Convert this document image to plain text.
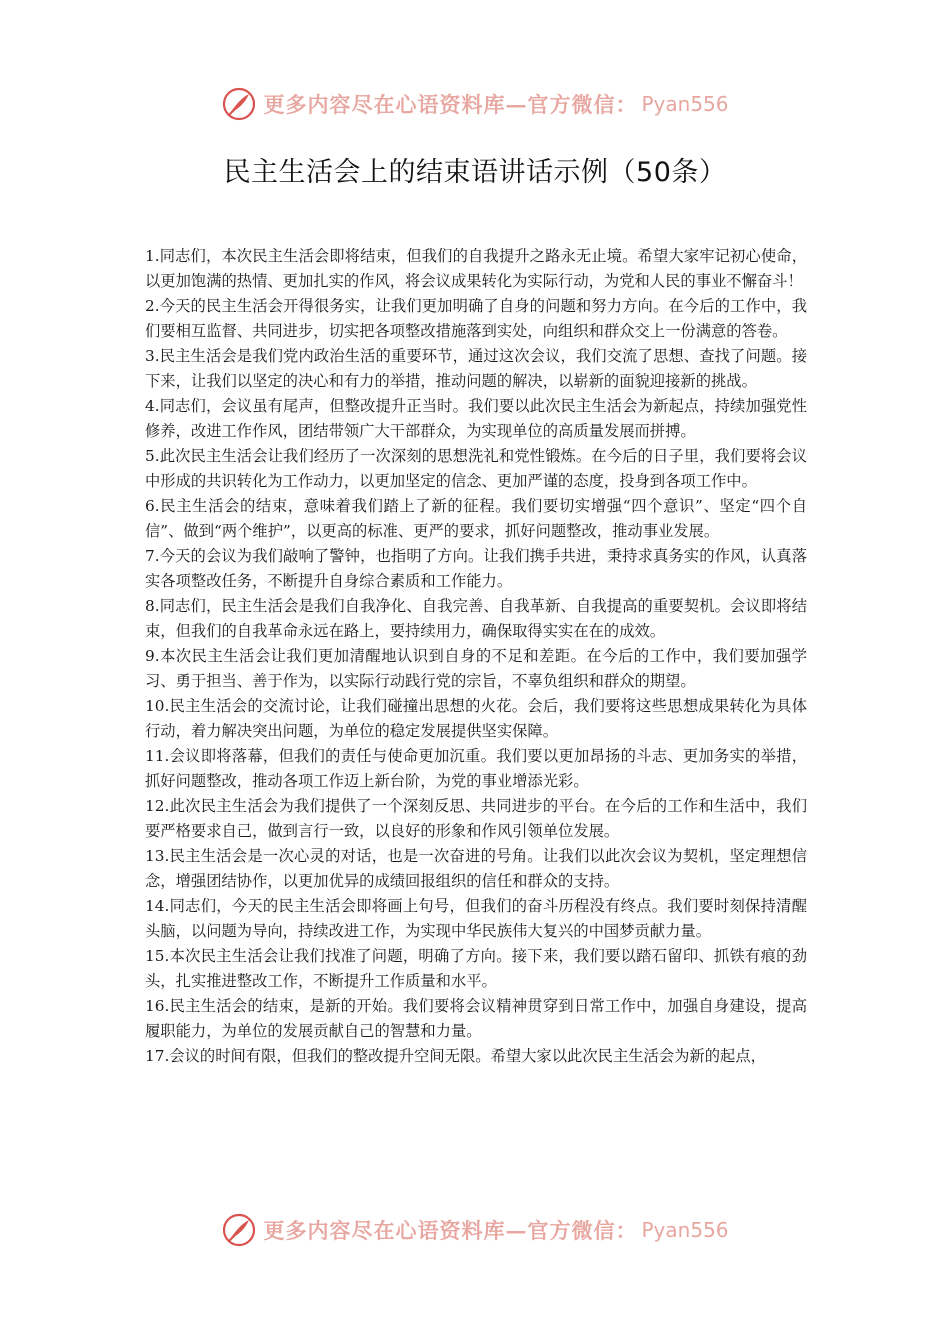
更多内容尽在心语资料库—官方微信： Pyan556
民主生活会上的结束语讲话示例（50条）

1.同志们，本次民主生活会即将结束，但我们的自我提升之路永无止境。希望大家牢记初心使命，以更加饱满的热情、更加扎实的作风，将会议成果转化为实际行动，为党和人民的事业不懈奋斗！

2.今天的民主生活会开得很务实，让我们更加明确了自身的问题和努力方向。在今后的工作中，我们要相互监督、共同进步，切实把各项整改措施落到实处，向组织和群众交上一份满意的答卷。

3.民主生活会是我们党内政治生活的重要环节，通过这次会议，我们交流了思想、查找了问题。接下来，让我们以坚定的决心和有力的举措，推动问题的解决，以崭新的面貌迎接新的挑战。

4.同志们，会议虽有尾声，但整改提升正当时。我们要以此次民主生活会为新起点，持续加强党性修养，改进工作作风，团结带领广大干部群众，为实现单位的高质量发展而拼搏。

5.此次民主生活会让我们经历了一次深刻的思想洗礼和党性锻炼。在今后的日子里，我们要将会议中形成的共识转化为工作动力，以更加坚定的信念、更加严谨的态度，投身到各项工作中。

6.民主生活会的结束，意味着我们踏上了新的征程。我们要切实增强“四个意识”、坚定“四个自信”、做到“两个维护”，以更高的标准、更严的要求，抓好问题整改，推动事业发展。

7.今天的会议为我们敲响了警钟，也指明了方向。让我们携手共进，秉持求真务实的作风，认真落实各项整改任务，不断提升自身综合素质和工作能力。

8.同志们，民主生活会是我们自我净化、自我完善、自我革新、自我提高的重要契机。会议即将结束，但我们的自我革命永远在路上，要持续用力，确保取得实实在在的成效。

9.本次民主生活会让我们更加清醒地认识到自身的不足和差距。在今后的工作中，我们要加强学习、勇于担当、善于作为，以实际行动践行党的宗旨，不辜负组织和群众的期望。

10.民主生活会的交流讨论，让我们碰撞出思想的火花。会后，我们要将这些思想成果转化为具体行动，着力解决突出问题，为单位的稳定发展提供坚实保障。

11.会议即将落幕，但我们的责任与使命更加沉重。我们要以更加昂扬的斗志、更加务实的举措，抓好问题整改，推动各项工作迈上新台阶，为党的事业增添光彩。

12.此次民主生活会为我们提供了一个深刻反思、共同进步的平台。在今后的工作和生活中，我们要严格要求自己，做到言行一致，以良好的形象和作风引领单位发展。

13.民主生活会是一次心灵的对话，也是一次奋进的号角。让我们以此次会议为契机，坚定理想信念，增强团结协作，以更加优异的成绩回报组织的信任和群众的支持。

14.同志们，今天的民主生活会即将画上句号，但我们的奋斗历程没有终点。我们要时刻保持清醒头脑，以问题为导向，持续改进工作，为实现中华民族伟大复兴的中国梦贡献力量。

15.本次民主生活会让我们找准了问题，明确了方向。接下来，我们要以踏石留印、抓铁有痕的劲头，扎实推进整改工作，不断提升工作质量和水平。

16.民主生活会的结束，是新的开始。我们要将会议精神贯穿到日常工作中，加强自身建设，提高履职能力，为单位的发展贡献自己的智慧和力量。

17.会议的时间有限，但我们的整改提升空间无限。希望大家以此次民主生活会为新的起点，

更多内容尽在心语资料库—官方微信： Pyan556
